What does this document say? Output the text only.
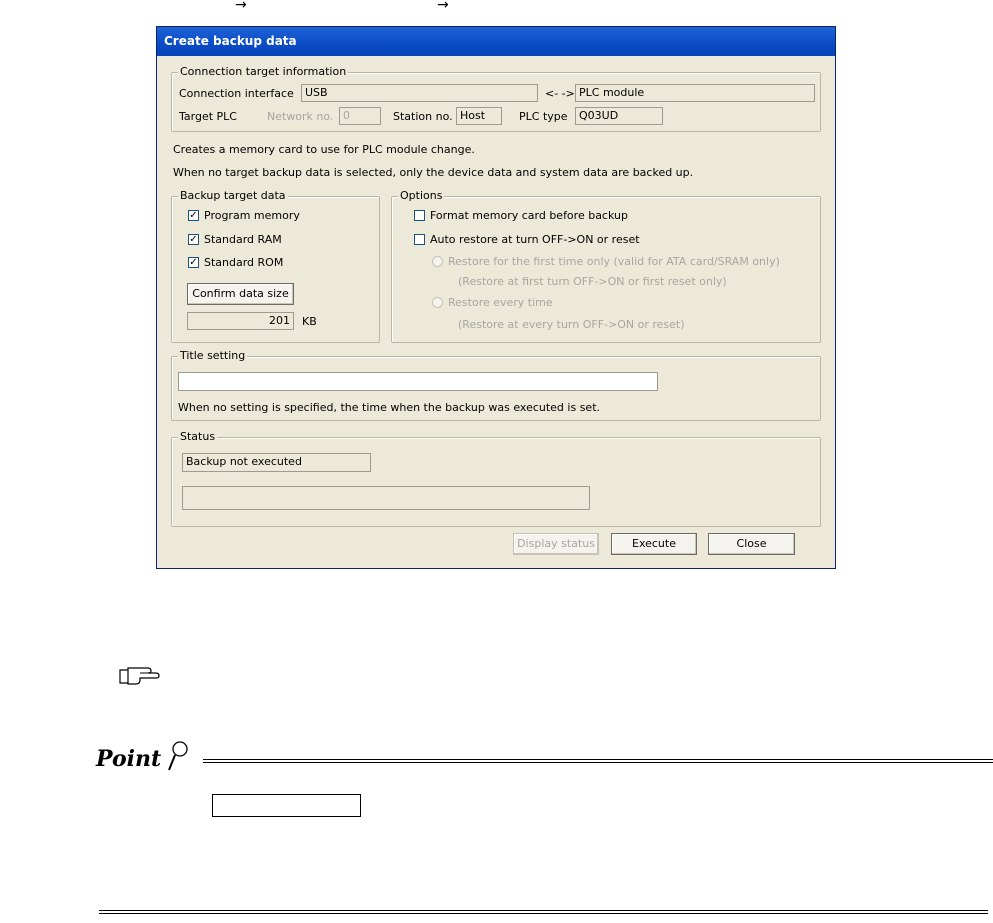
→	→
Create backup data
Connection target information
Connection interface	USB	<- -> PLC module
Target PLC	Network no. 0	Station no. Host	PLC type	Q03UD
Creates a memory card to use for PLC module change.
When no target backup data is selected, only the device data and system data are backed up.
Backup target data
✓ Program memory
✓ Standard RAM
✓ Standard ROM
Confirm data size
201	KB
Options
Format memory card before backup
Auto restore at turn OFF->ON or reset
Restore for the first time only (valid for ATA card/SRAM only)
(Restore at first turn OFF->ON or first reset only)
Restore every time
(Restore at every turn OFF->ON or reset)
Title setting
When no setting is specified, the time when the backup was executed is set.
Status
Backup not executed
Display status	Execute	Close
Point
